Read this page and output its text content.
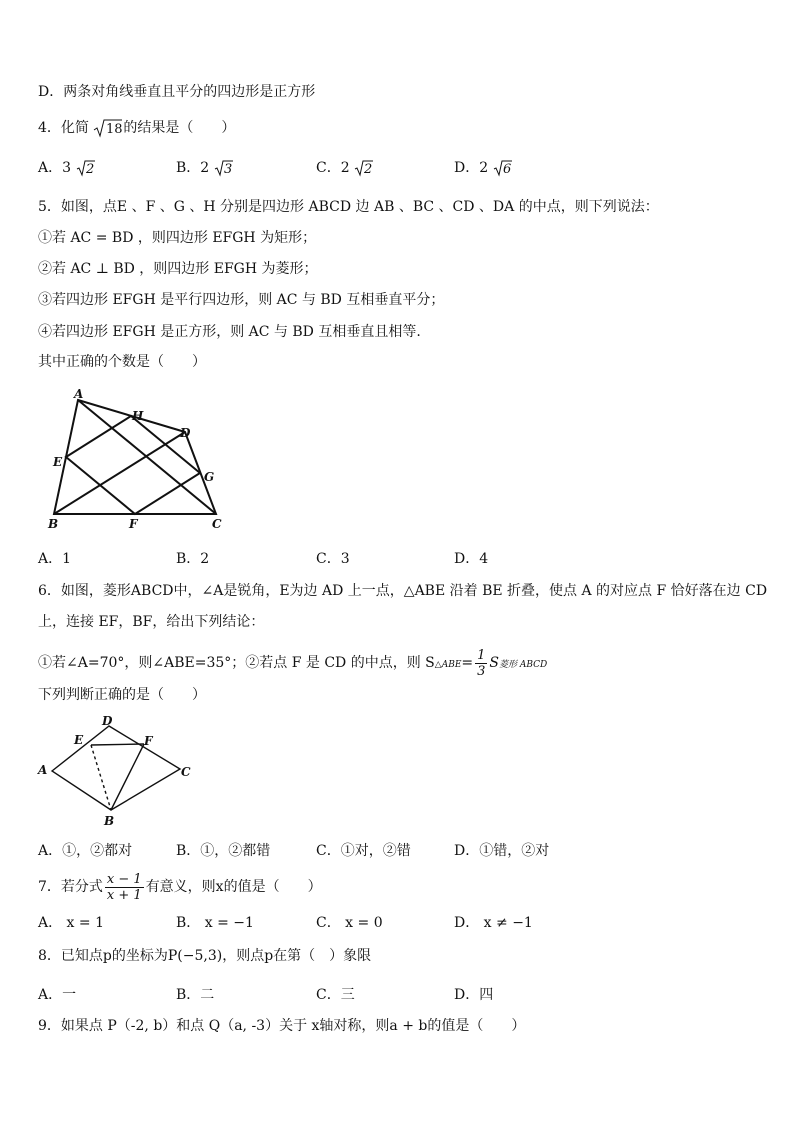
D．两条对角线垂直且平分的四边形是正方形
4．化简 18 的结果是（　　）
A．3 2	B．2 3	C．2 2	D．2 6
5．如图，点E 、F 、G 、H 分别是四边形 ABCD 边 AB 、BC 、CD 、DA 的中点，则下列说法：
①若 AC = BD ，则四边形 EFGH 为矩形；
②若 AC ⊥ BD ，则四边形 EFGH 为菱形；
③若四边形 EFGH 是平行四边形，则 AC 与 BD 互相垂直平分；
④若四边形 EFGH 是正方形，则 AC 与 BD 互相垂直且相等.
其中正确的个数是（　　）
A
H
D
E
G
B	F	C
A．1	B．2	C．3	D．4
6．如图，菱形ABCD中，∠A是锐角，E为边 AD 上一点，△ABE 沿着 BE 折叠，使点 A 的对应点 F 恰好落在边 CD
上，连接 EF，BF，给出下列结论：
①若∠A=70°，则∠ABE=35°；②若点 F 是 CD 的中点，则 S△ABE= $\frac{1}{3}$ S菱形 ABCD
下列判断正确的是（　　）
D
E	F
A	C
B
A．①，②都对	B．①，②都错	C．①对，②错	D．①错，②对
7．若分式 $\frac{x - 1}{x + 1}$ 有意义，则x的值是（　　）
A． x = 1	B． x = −1	C． x = 0	D． x ≠ −1
8．已知点p的坐标为P(−5,3)，则点p在第（　）象限
A．一	B．二	C．三	D．四
9．如果点 P（-2, b）和点 Q（a, -3）关于 x轴对称，则a + b的值是（　　）
